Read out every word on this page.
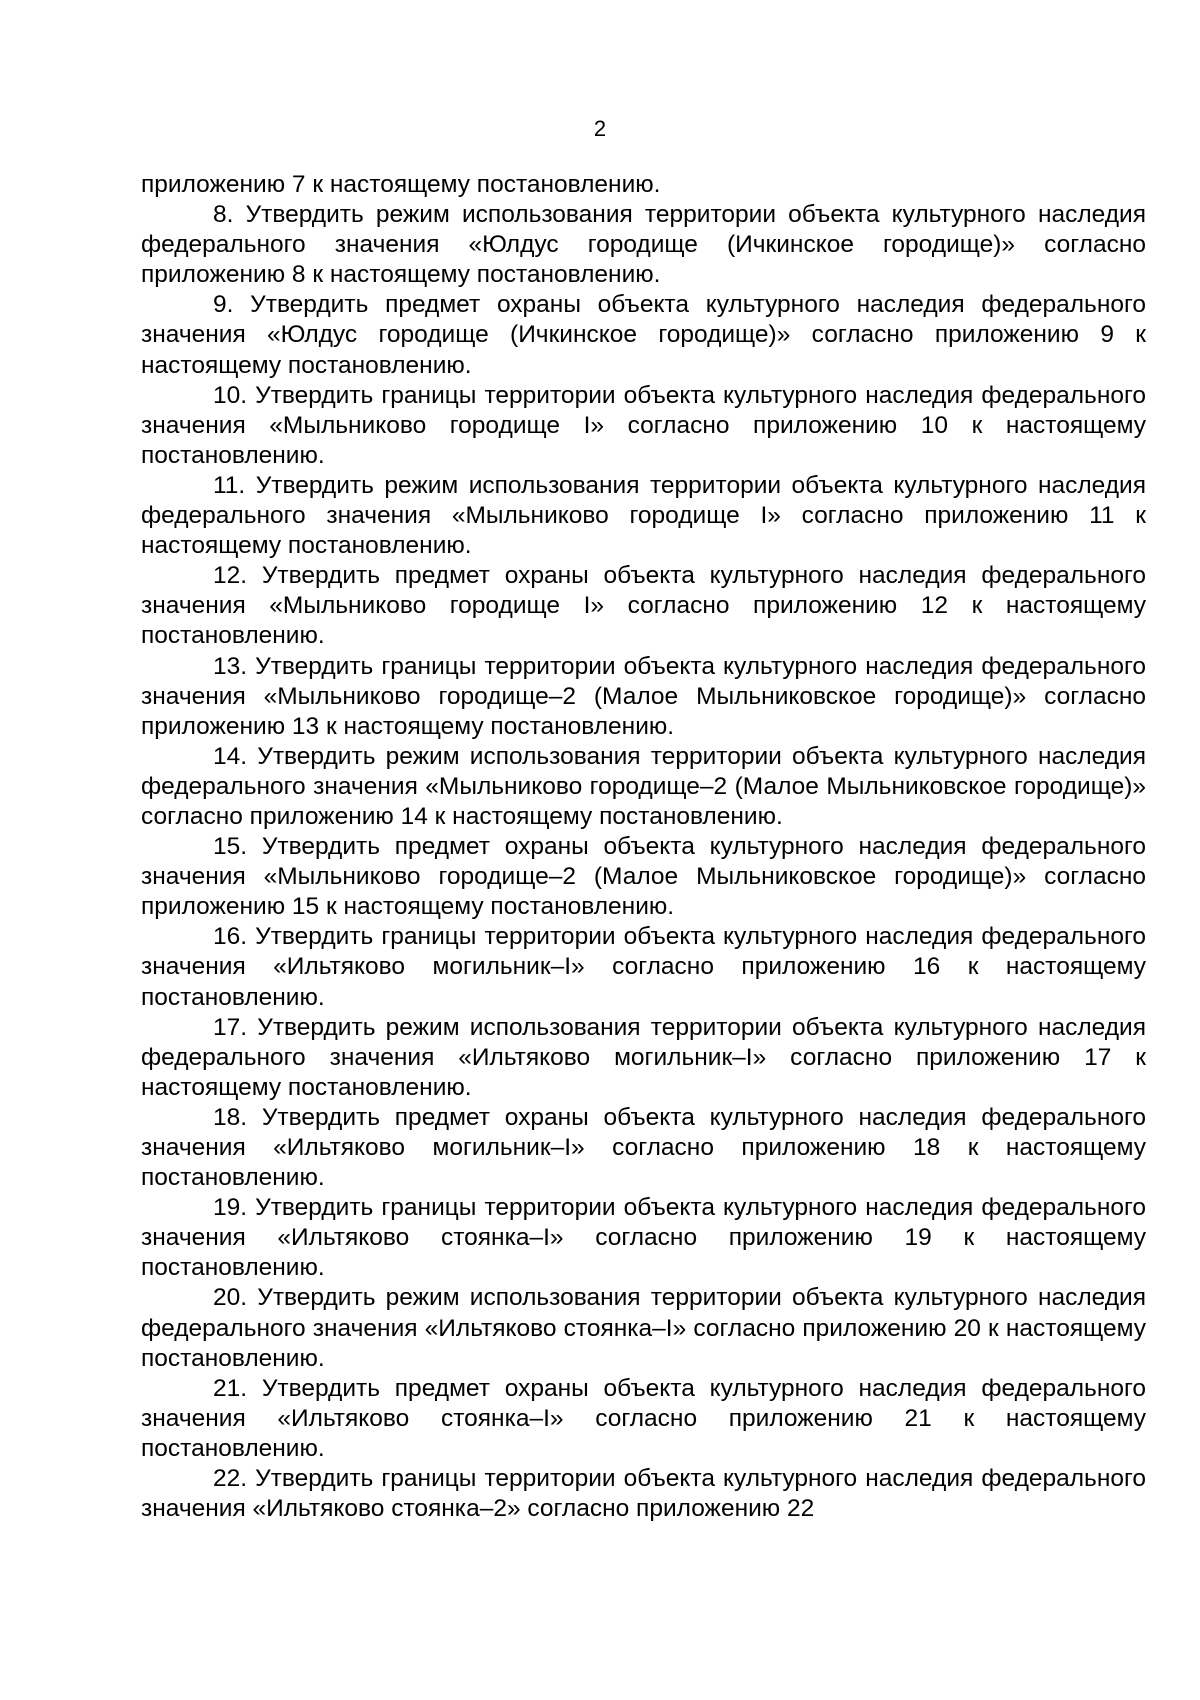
2

приложению 7 к настоящему постановлению.

8. Утвердить режим использования территории объекта культурного наследия федерального значения «Юлдус городище (Ичкинское городище)» согласно приложению 8 к настоящему постановлению.

9. Утвердить предмет охраны объекта культурного наследия федерального значения «Юлдус городище (Ичкинское городище)» согласно приложению 9 к настоящему постановлению.

10. Утвердить границы территории объекта культурного наследия федерального значения «Мыльниково городище I» согласно приложению 10 к настоящему постановлению.

11. Утвердить режим использования территории объекта культурного наследия федерального значения «Мыльниково городище I» согласно приложению 11 к настоящему постановлению.

12. Утвердить предмет охраны объекта культурного наследия федерального значения «Мыльниково городище I» согласно приложению 12 к настоящему постановлению.

13. Утвердить границы территории объекта культурного наследия федерального значения «Мыльниково городище–2 (Малое Мыльниковское городище)» согласно приложению 13 к настоящему постановлению.

14. Утвердить режим использования территории объекта культурного наследия федерального значения «Мыльниково городище–2 (Малое Мыльниковское городище)» согласно приложению 14 к настоящему постановлению.

15. Утвердить предмет охраны объекта культурного наследия федерального значения «Мыльниково городище–2 (Малое Мыльниковское городище)» согласно приложению 15 к настоящему постановлению.

16. Утвердить границы территории объекта культурного наследия федерального значения «Ильтяково могильник–I» согласно приложению 16 к настоящему постановлению.

17. Утвердить режим использования территории объекта культурного наследия федерального значения «Ильтяково могильник–I» согласно приложению 17 к настоящему постановлению.

18. Утвердить предмет охраны объекта культурного наследия федерального значения «Ильтяково могильник–I» согласно приложению 18 к настоящему постановлению.

19. Утвердить границы территории объекта культурного наследия федерального значения «Ильтяково стоянка–I» согласно приложению 19 к настоящему постановлению.

20. Утвердить режим использования территории объекта культурного наследия федерального значения «Ильтяково стоянка–I» согласно приложению 20 к настоящему постановлению.

21. Утвердить предмет охраны объекта культурного наследия федерального значения «Ильтяково стоянка–I» согласно приложению 21 к настоящему постановлению.

22. Утвердить границы территории объекта культурного наследия федерального значения «Ильтяково стоянка–2» согласно приложению 22
